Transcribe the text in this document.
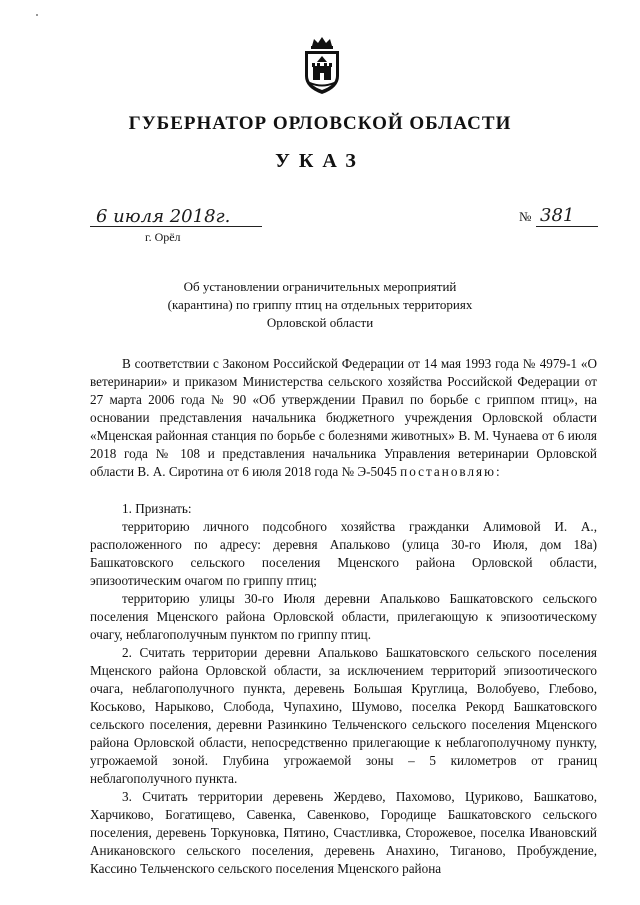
ГУБЕРНАТОР ОРЛОВСКОЙ ОБЛАСТИ
УКАЗ
6 июля 2018г.
г. Орёл
№ 381
Об установлении ограничительных мероприятий
(карантина) по гриппу птиц на отдельных территориях
Орловской области

В соответствии с Законом Российской Федерации от 14 мая 1993 года № 4979-1 «О ветеринарии» и приказом Министерства сельского хозяйства Российской Федерации от 27 марта 2006 года № 90 «Об утверждении Правил по борьбе с гриппом птиц», на основании представления начальника бюджетного учреждения Орловской области «Мценская районная станция по борьбе с болезнями животных» В. М. Чунаева от 6 июля 2018 года № 108 и представления начальника Управления ветеринарии Орловской области В. А. Сиротина от 6 июля 2018 года № Э-5045 постановляю:

1. Признать:

территорию личного подсобного хозяйства гражданки Алимовой И. А., расположенного по адресу: деревня Апальково (улица 30-го Июля, дом 18а) Башкатовского сельского поселения Мценского района Орловской области, эпизоотическим очагом по гриппу птиц;

территорию улицы 30-го Июля деревни Апальково Башкатовского сельского поселения Мценского района Орловской области, прилегающую к эпизоотическому очагу, неблагополучным пунктом по гриппу птиц.

2. Считать территории деревни Апальково Башкатовского сельского поселения Мценского района Орловской области, за исключением территорий эпизоотического очага, неблагополучного пункта, деревень Большая Круглица, Волобуево, Глебово, Коськово, Нарыково, Слобода, Чупахино, Шумово, поселка Рекорд Башкатовского сельского поселения, деревни Разинкино Тельченского сельского поселения Мценского района Орловской области, непосредственно прилегающие к неблагополучному пункту, угрожаемой зоной. Глубина угрожаемой зоны – 5 километров от границ неблагополучного пункта.

3. Считать территории деревень Жердево, Пахомово, Цуриково, Башкатово, Харчиково, Богатищево, Савенка, Савенково, Городище Башкатовского сельского поселения, деревень Торкуновка, Пятино, Счастливка, Сторожевое, поселка Ивановский Аникановского сельского поселения, деревень Анахино, Тиганово, Пробуждение, Кассино Тельченского сельского поселения Мценского района
